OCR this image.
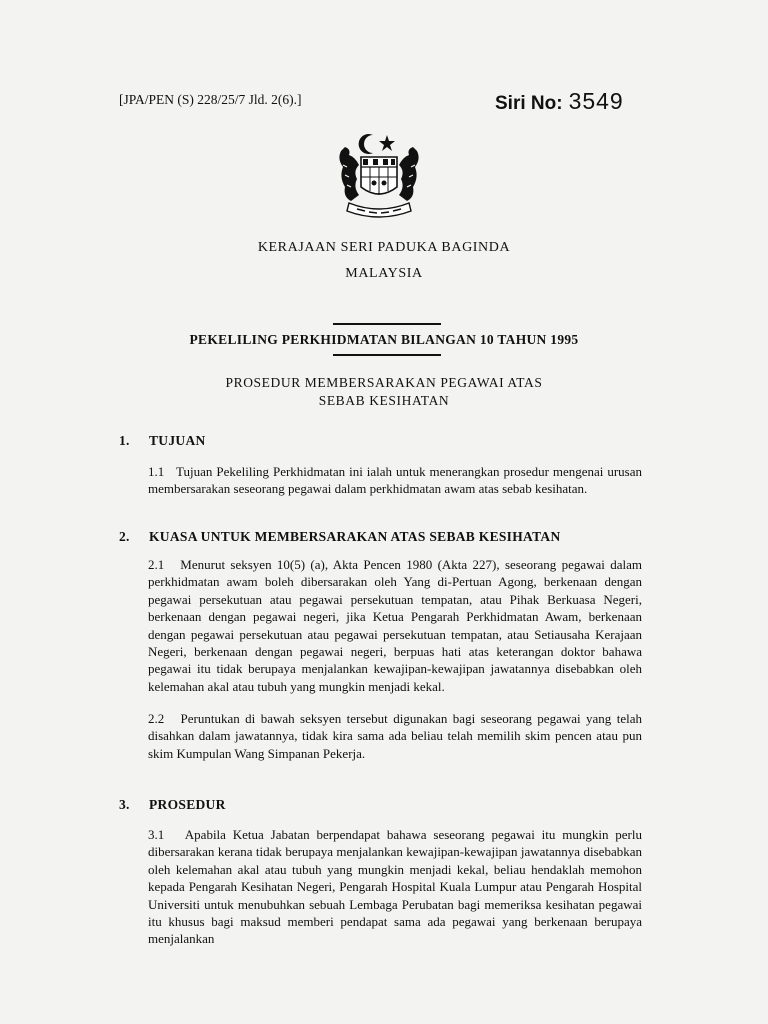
[JPA/PEN (S) 228/25/7 Jld. 2(6).]	Siri No: 3549
KERAJAAN SERI PADUKA BAGINDA
MALAYSIA
PEKELILING PERKHIDMATAN BILANGAN 10 TAHUN 1995
PROSEDUR MEMBERSARAKAN PEGAWAI ATAS
SEBAB KESIHATAN
1. TUJUAN

1.1   Tujuan Pekeliling Perkhidmatan ini ialah untuk menerangkan prosedur mengenai urusan membersarakan seseorang pegawai dalam perkhidmatan awam atas sebab kesihatan.

2. KUASA UNTUK MEMBERSARAKAN ATAS SEBAB KESIHATAN

2.1   Menurut seksyen 10(5) (a), Akta Pencen 1980 (Akta 227), seseorang pegawai dalam perkhidmatan awam boleh dibersarakan oleh Yang di-Pertuan Agong, berkenaan dengan pegawai persekutuan atau pegawai persekutuan tempatan, atau Pihak Berkuasa Negeri, berkenaan dengan pegawai negeri, jika Ketua Pengarah Perkhidmatan Awam, berkenaan dengan pegawai persekutuan atau pegawai persekutuan tempatan, atau Setiausaha Kerajaan Negeri, berkenaan dengan pegawai negeri, berpuas hati atas keterangan doktor bahawa pegawai itu tidak berupaya menjalankan kewajipan-kewajipan jawatannya disebabkan oleh kelemahan akal atau tubuh yang mungkin menjadi kekal.

2.2   Peruntukan di bawah seksyen tersebut digunakan bagi seseorang pegawai yang telah disahkan dalam jawatannya, tidak kira sama ada beliau telah memilih skim pencen atau pun skim Kumpulan Wang Simpanan Pekerja.

3. PROSEDUR

3.1   Apabila Ketua Jabatan berpendapat bahawa seseorang pegawai itu mungkin perlu dibersarakan kerana tidak berupaya menjalankan kewajipan-kewajipan jawatannya disebabkan oleh kelemahan akal atau tubuh yang mungkin menjadi kekal, beliau hendaklah memohon kepada Pengarah Kesihatan Negeri, Pengarah Hospital Kuala Lumpur atau Pengarah Hospital Universiti untuk menubuhkan sebuah Lembaga Perubatan bagi memeriksa kesihatan pegawai itu khusus bagi maksud memberi pendapat sama ada pegawai yang berkenaan berupaya menjalankan
